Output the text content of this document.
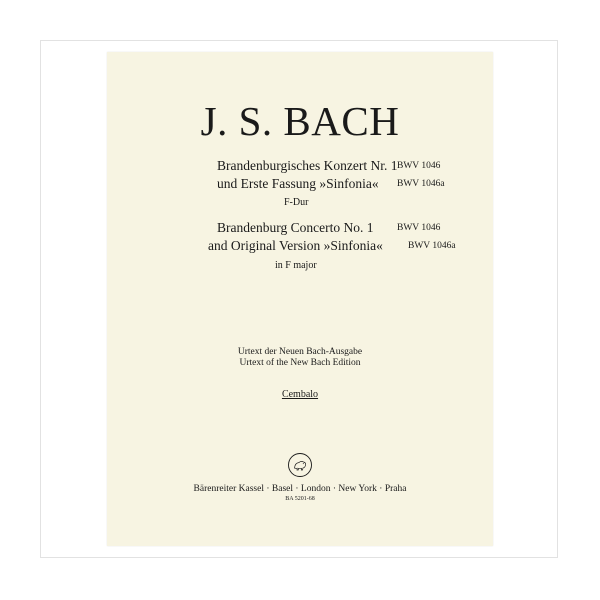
J. S. BACH
Brandenburgisches Konzert Nr. 1 BWV 1046
und Erste Fassung »Sinfonia« BWV 1046a
F-Dur
Brandenburg Concerto No. 1 BWV 1046
and Original Version »Sinfonia«	BWV 1046a
in F major
Urtext der Neuen Bach-Ausgabe
Urtext of the New Bach Edition
Cembalo
Bärenreiter Kassel · Basel · London · New York · Praha
BA 5201-68
